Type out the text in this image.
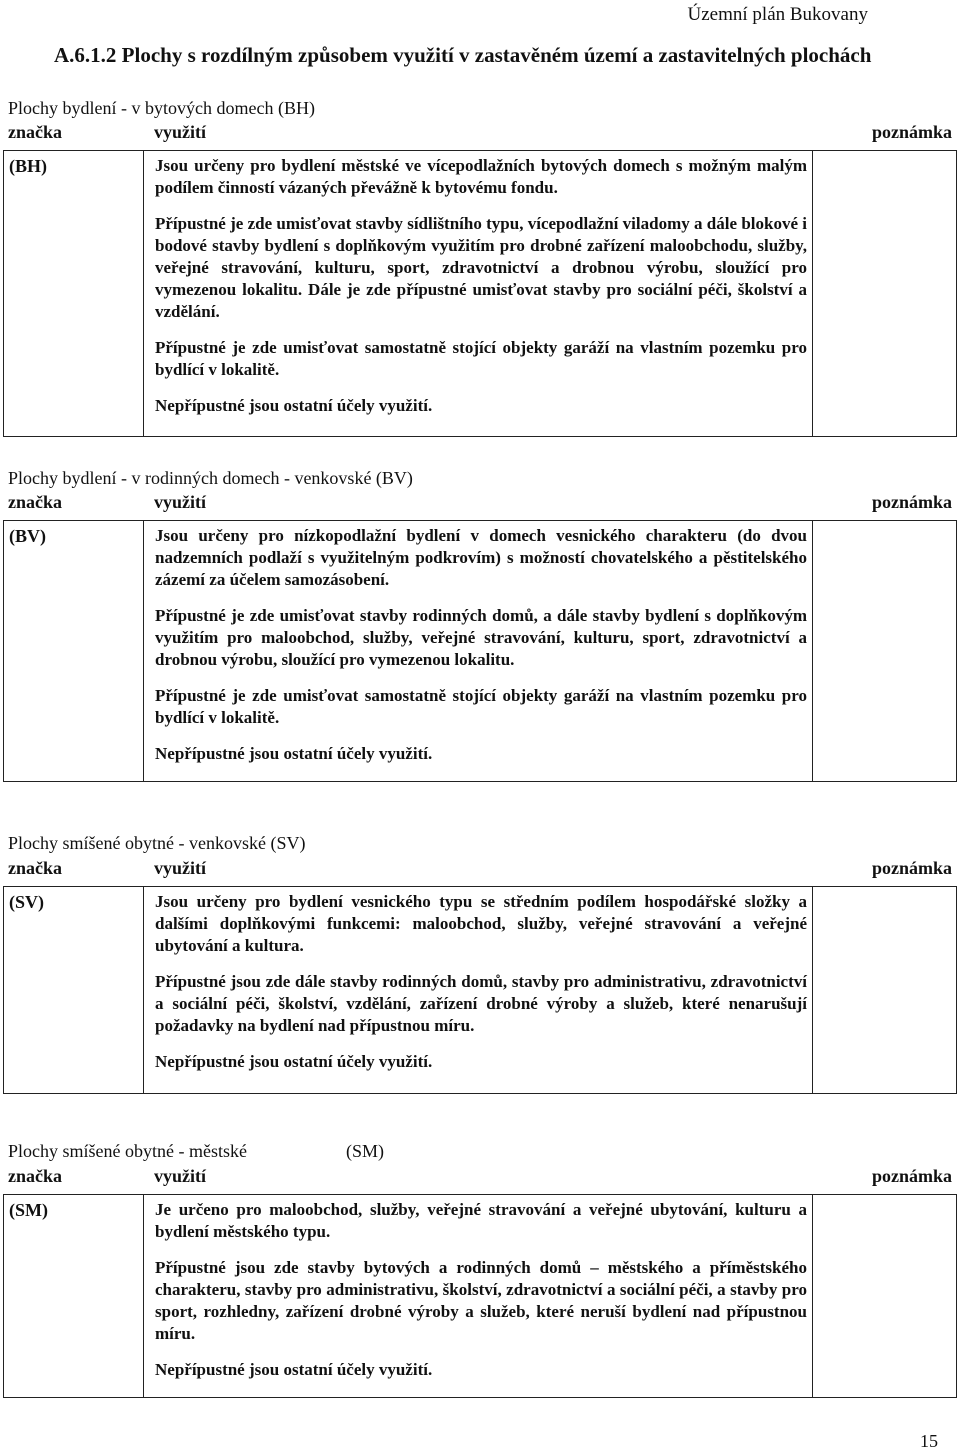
Územní plán Bukovany
A.6.1.2 Plochy s rozdílným způsobem využití v zastavěném území a zastavitelných plochách
Plochy bydlení - v bytových domech (BH)
značka	využití	poznámka
(BH)	Jsou určeny pro bydlení městské ve vícepodlažních bytových domech s možným malým podílem činností vázaných převážně k bytovému fondu.

Přípustné je zde umisťovat stavby sídlištního typu, vícepodlažní viladomy a dále blokové i bodové stavby bydlení s doplňkovým využitím pro drobné zařízení maloobchodu, služby, veřejné stravování, kulturu, sport, zdravotnictví a drobnou výrobu, sloužící pro vymezenou lokalitu. Dále je zde přípustné umisťovat stavby pro sociální péči, školství a vzdělání.

Přípustné je zde umisťovat samostatně stojící objekty garáží na vlastním pozemku pro bydlící v lokalitě.

Nepřípustné jsou ostatní účely využití.

Plochy bydlení - v rodinných domech - venkovské (BV)
značka	využití	poznámka
(BV)	Jsou určeny pro nízkopodlažní bydlení v domech vesnického charakteru (do dvou nadzemních podlaží s využitelným podkrovím) s možností chovatelského a pěstitelského zázemí za účelem samozásobení.

Přípustné je zde umisťovat stavby rodinných domů, a dále stavby bydlení s doplňkovým využitím pro maloobchod, služby, veřejné stravování, kulturu, sport, zdravotnictví a drobnou výrobu, sloužící pro vymezenou lokalitu.

Přípustné je zde umisťovat samostatně stojící objekty garáží na vlastním pozemku pro bydlící v lokalitě.

Nepřípustné jsou ostatní účely využití.

Plochy smíšené obytné - venkovské (SV)
značka	využití	poznámka
(SV)	Jsou určeny pro bydlení vesnického typu se středním podílem hospodářské složky a dalšími doplňkovými funkcemi: maloobchod, služby, veřejné stravování a veřejné ubytování a kultura.

Přípustné jsou zde dále stavby rodinných domů, stavby pro administrativu, zdravotnictví a sociální péči, školství, vzdělání, zařízení drobné výroby a služeb, které nenarušují požadavky na bydlení nad přípustnou míru.

Nepřípustné jsou ostatní účely využití.

Plochy smíšené obytné - městské	(SM)
značka	využití	poznámka
(SM)	Je určeno pro maloobchod, služby, veřejné stravování a veřejné ubytování, kulturu a bydlení městského typu.

Přípustné jsou zde stavby bytových a rodinných domů – městského a příměstského charakteru, stavby pro administrativu, školství, zdravotnictví a sociální péči, a stavby pro sport, rozhledny, zařízení drobné výroby a služeb, které neruší bydlení nad přípustnou míru.

Nepřípustné jsou ostatní účely využití.

15
